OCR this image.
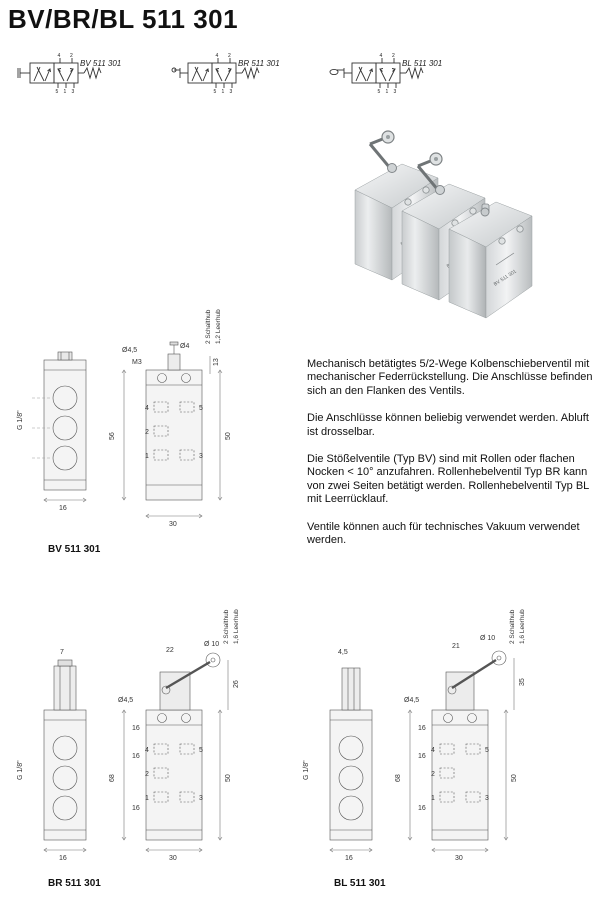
BV/BR/BL 511 301
4 2
5 1 3
BV 511 301
4 2
5 1 3
BR 511 301
4 2
5 1 3
BL 511 301
BV 511 301

Mechanisch betätigtes 5/2-Wege Kolbenschieberventil mit mechanischer Federrückstellung. Die Anschlüsse befinden sich an den Flanken des Ventils.

Die Anschlüsse können beliebig verwendet werden. Abluft ist drosselbar.

Die Stößelventile (Typ BV) sind mit Rollen oder flachen Nocken < 10° anzufahren. Rollenhebelventil Typ BR kann von zwei Seiten betätigt werden. Rollenhebelventil Typ BL mit Leerrücklauf.

Ventile können auch für technisches Vakuum verwendet werden.

16
G 1/8"
4
2
5
3
1
30
56	50
13
M3
Ø4,5
Ø4
2 Schalthub 1,2 Leerhub
BV 511 301
16
G 1/8"
7
4
2
5
3
1
30
68	50
26
Ø4,5
16
16
16
22
Ø 10
2 Schalthub 1,6 Leerhub
BR 511 301
16
G 1/8"
4,5
4
2
5
3
1
30
68	50
35
Ø4,5
16
16
16
21
Ø 10 2 Schalthub 1,6 Leerhub
BL 511 301
